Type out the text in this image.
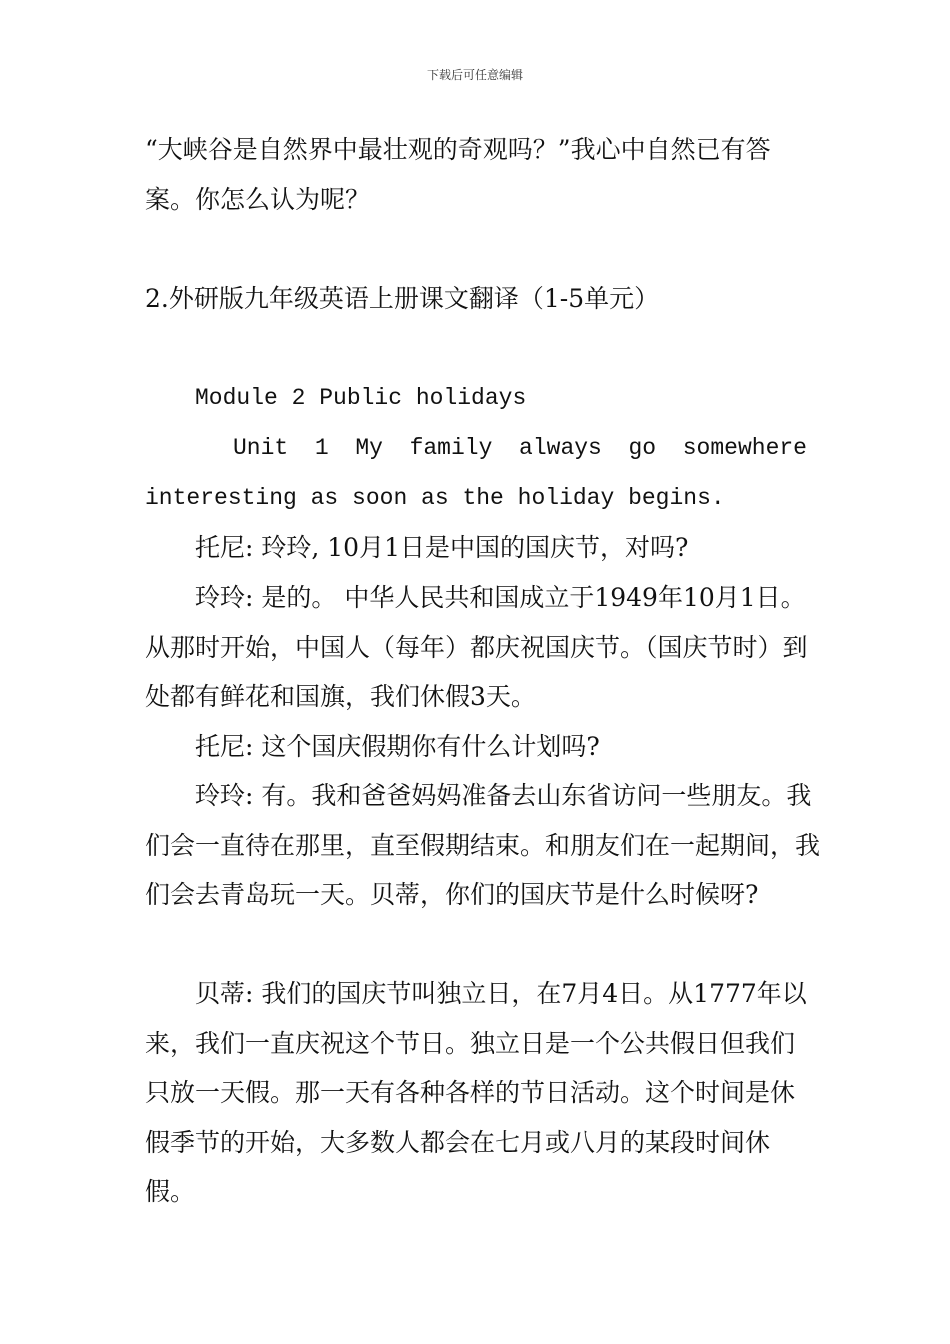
下载后可任意编辑

“大峡谷是自然界中最壮观的奇观吗？”我心中自然已有答案。你怎么认为呢？

2.外研版九年级英语上册课文翻译（1-5单元）

Module 2 Public holidays

Unit 1 My family always go somewhere
interesting as soon as the holiday begins.

托尼: 玲玲, 10月1日是中国的国庆节，对吗?

玲玲: 是的。 中华人民共和国成立于1949年10月1日。从那时开始，中国人（每年）都庆祝国庆节。（国庆节时）到处都有鲜花和国旗，我们休假3天。

托尼: 这个国庆假期你有什么计划吗?

玲玲: 有。我和爸爸妈妈准备去山东省访问一些朋友。我们会一直待在那里，直至假期结束。和朋友们在一起期间，我们会去青岛玩一天。贝蒂，你们的国庆节是什么时候呀?

贝蒂: 我们的国庆节叫独立日，在7月4日。从1777年以来，我们一直庆祝这个节日。独立日是一个公共假日但我们只放一天假。那一天有各种各样的节日活动。这个时间是休假季节的开始，大多数人都会在七月或八月的某段时间休假。
